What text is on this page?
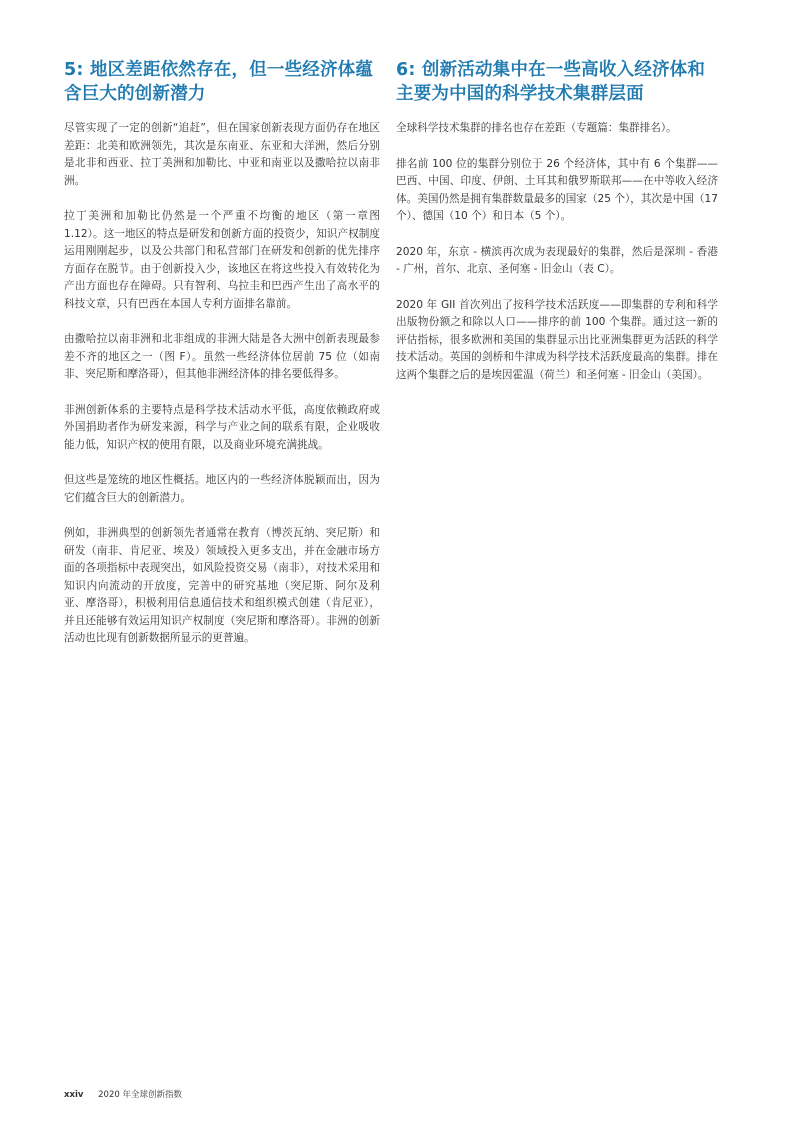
5: 地区差距依然存在，但一些经济体蕴含巨大的创新潜力

尽管实现了一定的创新“追赶”，但在国家创新表现方面仍存在地区差距：北美和欧洲领先，其次是东南亚、东亚和大洋洲，然后分别是北非和西亚、拉丁美洲和加勒比、中亚和南亚以及撒哈拉以南非洲。

拉丁美洲和加勒比仍然是一个严重不均衡的地区（第一章图 1.12）。这一地区的特点是研发和创新方面的投资少，知识产权制度运用刚刚起步，以及公共部门和私营部门在研发和创新的优先排序方面存在脱节。由于创新投入少，该地区在将这些投入有效转化为产出方面也存在障碍。只有智利、乌拉圭和巴西产生出了高水平的科技文章，只有巴西在本国人专利方面排名靠前。

由撒哈拉以南非洲和北非组成的非洲大陆是各大洲中创新表现最参差不齐的地区之一（图 F）。虽然一些经济体位居前 75 位（如南非、突尼斯和摩洛哥），但其他非洲经济体的排名要低得多。

非洲创新体系的主要特点是科学技术活动水平低，高度依赖政府或外国捐助者作为研发来源，科学与产业之间的联系有限，企业吸收能力低，知识产权的使用有限，以及商业环境充满挑战。

但这些是笼统的地区性概括。地区内的一些经济体脱颖而出，因为它们蕴含巨大的创新潜力。

例如，非洲典型的创新领先者通常在教育（博茨瓦纳、突尼斯）和研发（南非、肯尼亚、埃及）领域投入更多支出，并在金融市场方面的各项指标中表现突出，如风险投资交易（南非），对技术采用和知识内向流动的开放度，完善中的研究基地（突尼斯、阿尔及利亚、摩洛哥），积极利用信息通信技术和组织模式创建（肯尼亚），并且还能够有效运用知识产权制度（突尼斯和摩洛哥）。非洲的创新活动也比现有创新数据所显示的更普遍。

6: 创新活动集中在一些高收入经济体和主要为中国的科学技术集群层面

全球科学技术集群的排名也存在差距（专题篇：集群排名）。

排名前 100 位的集群分别位于 26 个经济体，其中有 6 个集群——巴西、中国、印度、伊朗、土耳其和俄罗斯联邦——在中等收入经济体。美国仍然是拥有集群数量最多的国家（25 个），其次是中国（17 个）、德国（10 个）和日本（5 个）。

2020 年，东京 - 横滨再次成为表现最好的集群，然后是深圳 - 香港 - 广州，首尔、北京、圣何塞 - 旧金山（表 C）。

2020 年 GII 首次列出了按科学技术活跃度——即集群的专利和科学出版物份额之和除以人口——排序的前 100 个集群。通过这一新的评估指标，很多欧洲和美国的集群显示出比亚洲集群更为活跃的科学技术活动。英国的剑桥和牛津成为科学技术活跃度最高的集群。排在这两个集群之后的是埃因霍温（荷兰）和圣何塞 - 旧金山（美国）。

xxiv 2020 年全球创新指数
